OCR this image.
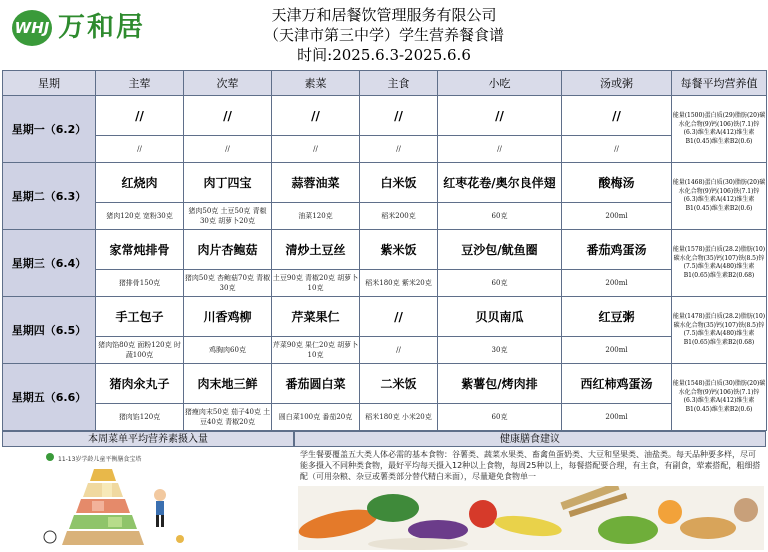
WHJ 万和居	天津万和居餐饮管理服务有限公司
（天津市第三中学）学生营养餐食谱
时间:2025.6.3-2025.6.6
星期	主荤	次荤	素菜	主食	小吃	汤或粥	每餐平均营养值
星期一（6.2）	//	//	//	//	//	//	能量(1500)蛋白质(29)脂肪(20)碳水化合物(9)钙(106)铁(7.1)锌(6.3)维生素A(412)维生素B1(0.45)维生素B2(0.6)
	//	//	//	//	//	//	
星期二（6.3）	红烧肉	肉丁四宝	蒜蓉油菜	白米饭	红枣花卷/奥尔良伴翅	酸梅汤	能量(1468)蛋白质(30)脂肪(20)碳水化合物(9)钙(106)铁(7.1)锌(6.3)维生素A(412)维生素B1(0.45)维生素B2(0.6)
	猪肉120克 宽粉30克	猪肉50克 土豆50克 青椒30克 胡萝卜20克	油菜120克	稻米200克	60克	200ml	
星期三（6.4）	家常炖排骨	肉片杏鲍菇	清炒土豆丝	紫米饭	豆沙包/鱿鱼圈	番茄鸡蛋汤	能量(1578)蛋白质(28.2)脂肪(10)碳水化合物(35)钙(107)铁(8.5)锌(7.5)维生素A(480)维生素B1(0.65)维生素B2(0.68)
	猪排骨150克	猪肉50克 杏鲍菇70克 青椒30克	土豆90克 青椒20克 胡萝卜10克	稻米180克 紫米20克	60克	200ml	
星期四（6.5）	手工包子	川香鸡柳	芹菜果仁	//	贝贝南瓜	红豆粥	能量(1478)蛋白质(28.2)脂肪(10)碳水化合物(35)钙(107)铁(8.5)锌(7.5)维生素A(480)维生素B1(0.65)维生素B2(0.68)
	猪肉馅80克 面粉120克 时蔬100克	鸡胸肉60克	芹菜90克 果仁20克 胡萝卜10克	//	30克	200ml	
星期五（6.6）	猪肉氽丸子	肉末地三鲜	番茄圆白菜	二米饭	紫薯包/烤肉排	西红柿鸡蛋汤	能量(1548)蛋白质(30)脂肪(20)碳水化合物(9)钙(106)铁(7.1)锌(6.3)维生素A(412)维生素B1(0.45)维生素B2(0.6)
	猪肉馅120克	猪瘦肉末50克 茄子40克 土豆40克 青椒20克	圆白菜100克 番茄20克	稻米180克 小米20克	60克	200ml	
本周菜单平均营养素摄入量	健康膳食建议
11-13岁学龄儿童平衡膳食宝塔
学生餐要覆盖五大类人体必需的基本食物：谷薯类、蔬菜水果类、畜禽鱼蛋奶类、大豆和坚果类、油盐类。每天品种要多样，尽可能多摄入不同种类食物，最好平均每天摄入12种以上食物，每周25种以上，每餐搭配要合理，有主食，有副食，荤素搭配，粗细搭配（可用杂粮、杂豆或薯类部分替代精白米面），尽量避免食物单一
